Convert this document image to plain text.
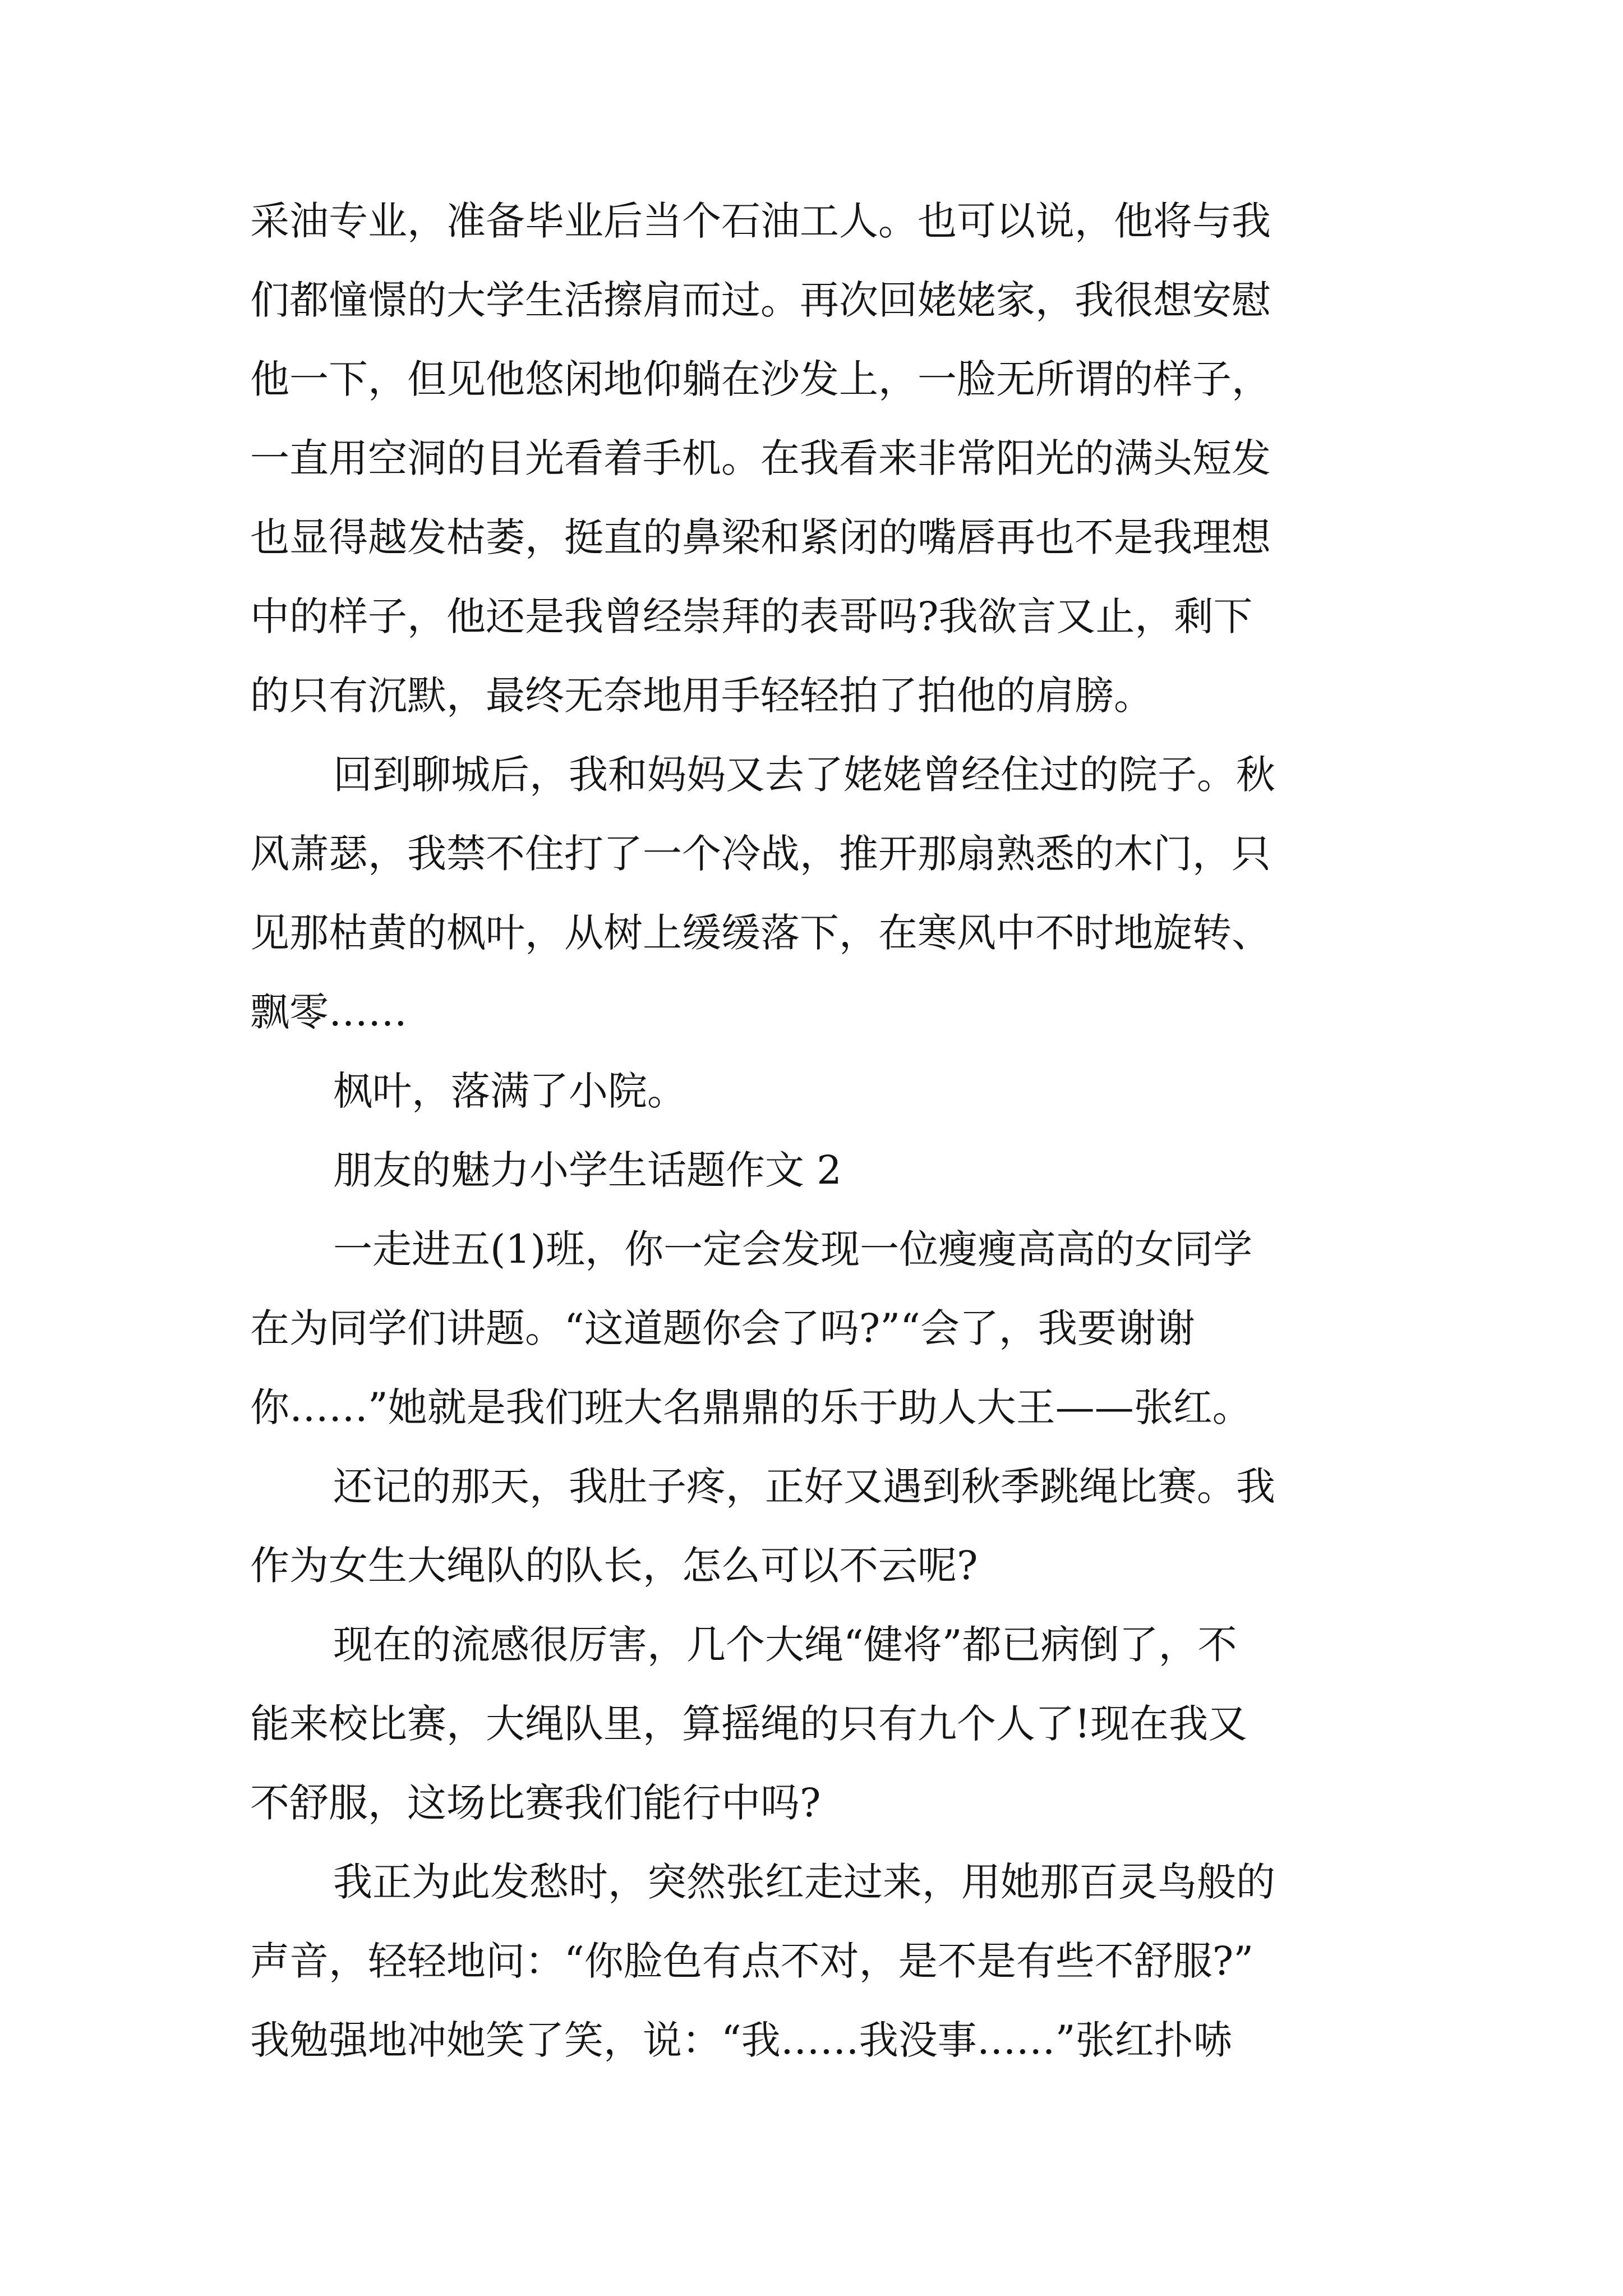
采油专业，准备毕业后当个石油工人。也可以说，他将与我
们都憧憬的大学生活擦肩而过。再次回姥姥家，我很想安慰
他一下，但见他悠闲地仰躺在沙发上，一脸无所谓的样子，
一直用空洞的目光看着手机。在我看来非常阳光的满头短发
也显得越发枯萎，挺直的鼻梁和紧闭的嘴唇再也不是我理想
中的样子，他还是我曾经崇拜的表哥吗?我欲言又止，剩下
的只有沉默，最终无奈地用手轻轻拍了拍他的肩膀。
回到聊城后，我和妈妈又去了姥姥曾经住过的院子。秋
风萧瑟，我禁不住打了一个冷战，推开那扇熟悉的木门，只
见那枯黄的枫叶，从树上缓缓落下，在寒风中不时地旋转、
飘零……
枫叶，落满了小院。
朋友的魅力小学生话题作文 2
一走进五(1)班，你一定会发现一位瘦瘦高高的女同学
在为同学们讲题。“这道题你会了吗?”“会了，我要谢谢
你……”她就是我们班大名鼎鼎的乐于助人大王——张红。
还记的那天，我肚子疼，正好又遇到秋季跳绳比赛。我
作为女生大绳队的队长，怎么可以不云呢?
现在的流感很厉害，几个大绳“健将”都已病倒了，不
能来校比赛，大绳队里，算摇绳的只有九个人了!现在我又
不舒服，这场比赛我们能行中吗?
我正为此发愁时，突然张红走过来，用她那百灵鸟般的
声音，轻轻地问：“你脸色有点不对，是不是有些不舒服?”
我勉强地冲她笑了笑，说：“我……我没事……”张红扑哧
